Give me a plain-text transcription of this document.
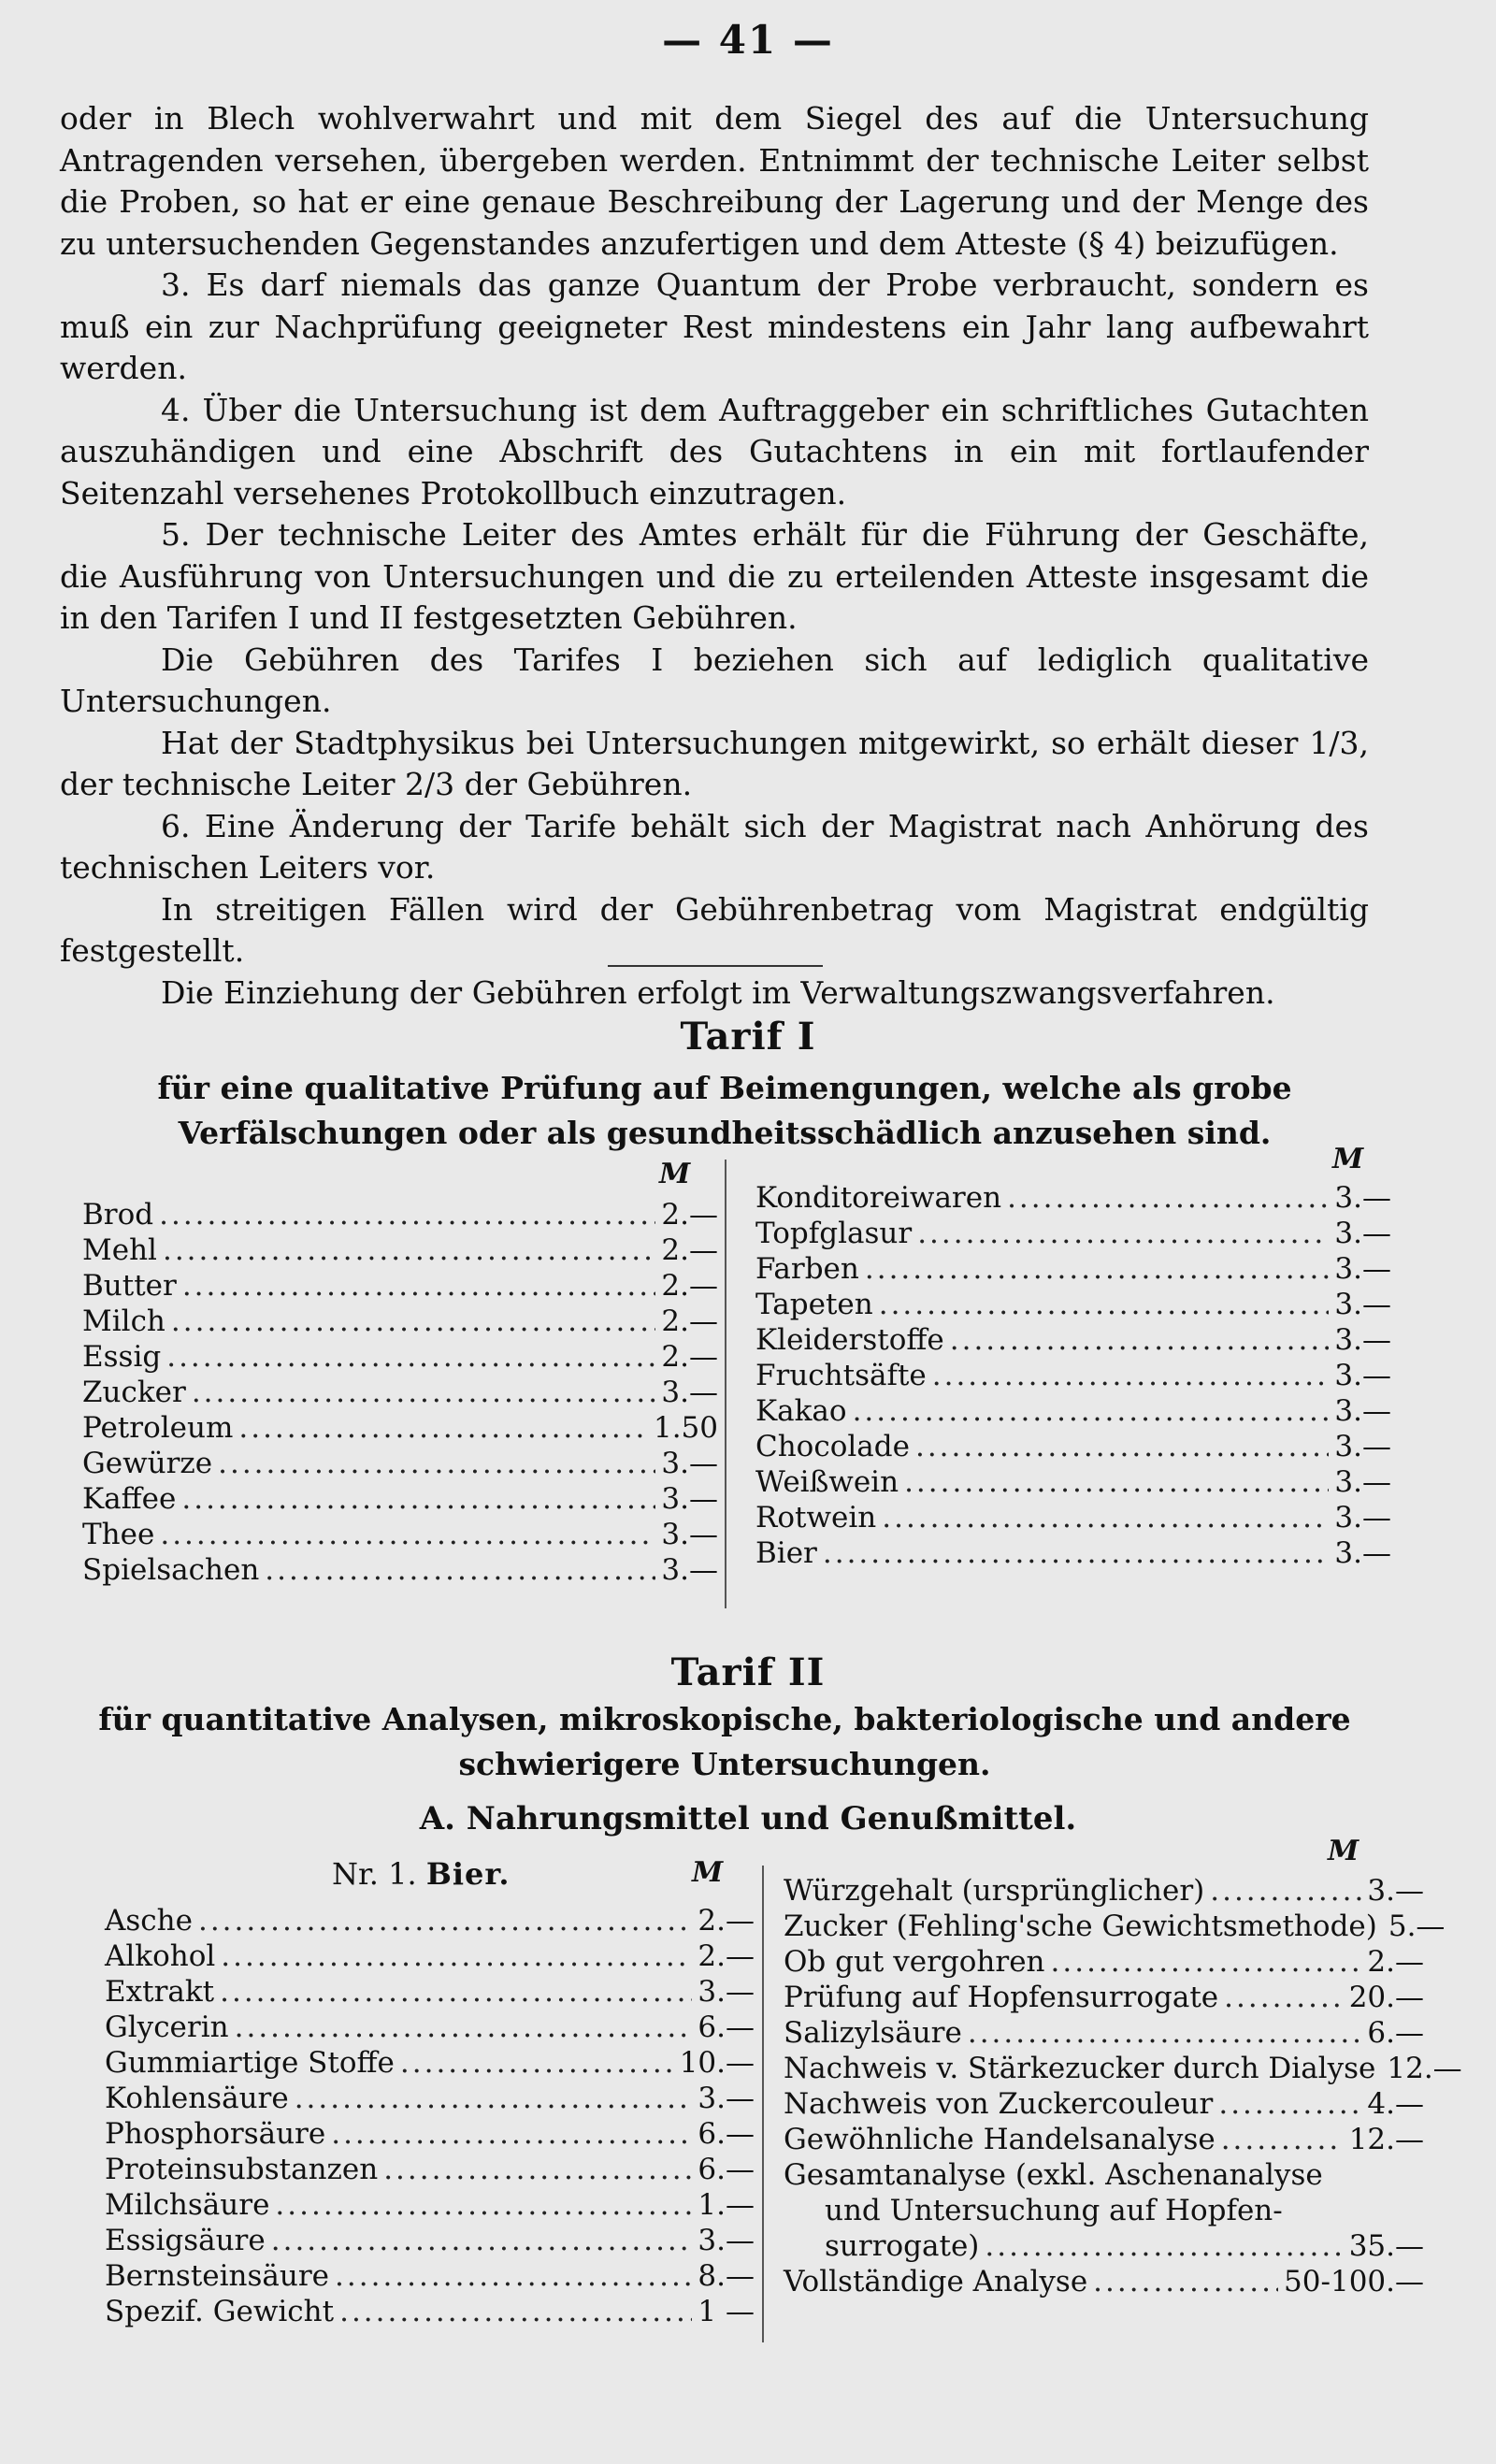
— 41 —

oder in Blech wohlverwahrt und mit dem Siegel des auf die Untersuchung Antragenden versehen, übergeben werden. Entnimmt der technische Leiter selbst die Proben, so hat er eine genaue Beschreibung der Lagerung und der Menge des zu untersuchenden Gegenstandes anzufertigen und dem Atteste (§ 4) beizufügen.

3. Es darf niemals das ganze Quantum der Probe verbraucht, sondern es muß ein zur Nachprüfung geeigneter Rest mindestens ein Jahr lang aufbewahrt werden.

4. Über die Untersuchung ist dem Auftraggeber ein schriftliches Gutachten auszuhändigen und eine Abschrift des Gutachtens in ein mit fortlaufender Seitenzahl versehenes Protokollbuch einzutragen.

5. Der technische Leiter des Amtes erhält für die Führung der Geschäfte, die Ausführung von Untersuchungen und die zu erteilenden Atteste insgesamt die in den Tarifen I und II festgesetzten Gebühren.

Die Gebühren des Tarifes I beziehen sich auf lediglich qualitative Untersuchungen.

Hat der Stadtphysikus bei Untersuchungen mitgewirkt, so erhält dieser 1/3, der technische Leiter 2/3 der Gebühren.

6. Eine Änderung der Tarife behält sich der Magistrat nach Anhörung des technischen Leiters vor.

In streitigen Fällen wird der Gebührenbetrag vom Magistrat endgültig festgestellt.

Die Einziehung der Gebühren erfolgt im Verwaltungszwangsverfahren.

Tarif I
für eine qualitative Prüfung auf Beimengungen, welche als grobe Verfälschungen oder als gesundheitsschädlich anzusehen sind.
M	M
Brod .....	2.—
Mehl .....	2.—
Butter .....	2.—
Milch .....	2.—
Essig .....	2.—
Zucker .....	3.—
Petroleum .....	1.50
Gewürze .....	3.—
Kaffee .....	3.—
Thee .....	3.—
Spielsachen .....	3.—
Konditoreiwaren .....	3.—
Topfglasur .....	3.—
Farben .....	3.—
Tapeten .....	3.—
Kleiderstoffe .....	3.—
Fruchtsäfte .....	3.—
Kakao .....	3.—
Chocolade .....	3.—
Weißwein .....	3.—
Rotwein .....	3.—
Bier .....	3.—
Tarif II
für quantitative Analysen, mikroskopische, bakteriologische und andere schwierigere Untersuchungen.
A. Nahrungsmittel und Genußmittel.
Nr. 1. Bier.	M
M
Asche .....	2.—
Alkohol .....	2.—
Extrakt .....	3.—
Glycerin .....	6.—
Gummiartige Stoffe .....	10.—
Kohlensäure .....	3.—
Phosphorsäure .....	6.—
Proteinsubstanzen .....	6.—
Milchsäure .....	1.—
Essigsäure .....	3.—
Bernsteinsäure .....	8.—
Spezif. Gewicht .....	1 —
Würzgehalt (ursprünglicher) .....	3.—
Zucker (Fehling'sche Gewichtsmethode) 5.—
Ob gut vergohren .....	2.—
Prüfung auf Hopfensurrogate .....	20.—
Salizylsäure .....	6.—
Nachweis v. Stärkezucker durch Dialyse 12.—
Nachweis von Zuckercouleur .....	4.—
Gewöhnliche Handelsanalyse .....	12.—
Gesamtanalyse (exkl. Aschenanalyse
und Untersuchung auf Hopfen-
surrogate) .....	35.—
Vollständige Analyse .....	50-100.—
